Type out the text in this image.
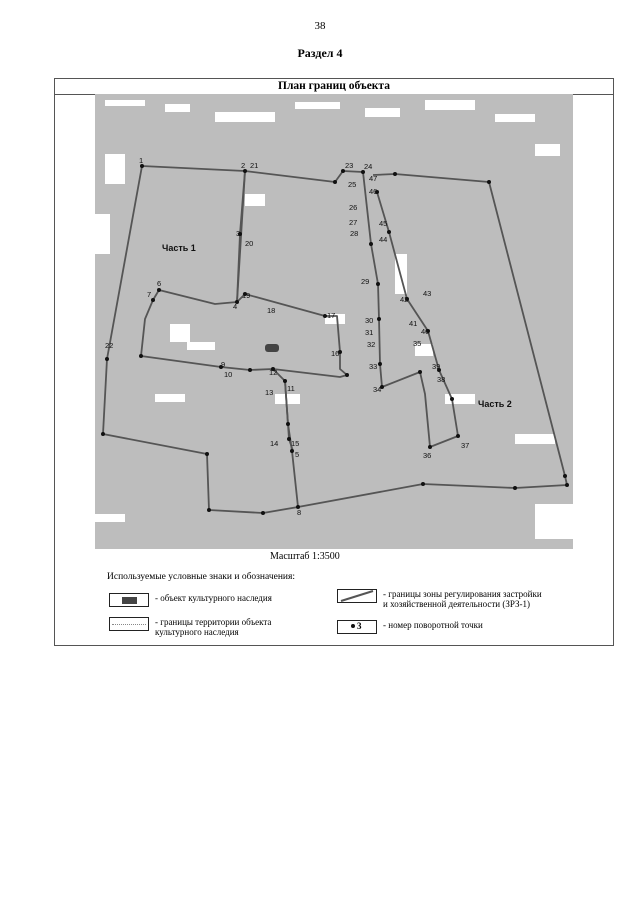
38
Раздел 4
План границ объекта
1
2
3
4
5
6
7
8
9
10
11
12
13
14 15
16
17
18
19
20
21
22
23 24
25
26
27
28
29
30
31
32
33
34
35
36
37
38
39
40
41
42
43
44
45
46
47
Часть 1
Часть 2
Масштаб 1:3500
Используемые условные знаки и обозначения:
- объект культурного наследия
- границы территории объекта
культурного наследия
- границы зоны регулирования застройки
и хозяйственной деятельности (ЗРЗ-1)
3 - номер поворотной точки
